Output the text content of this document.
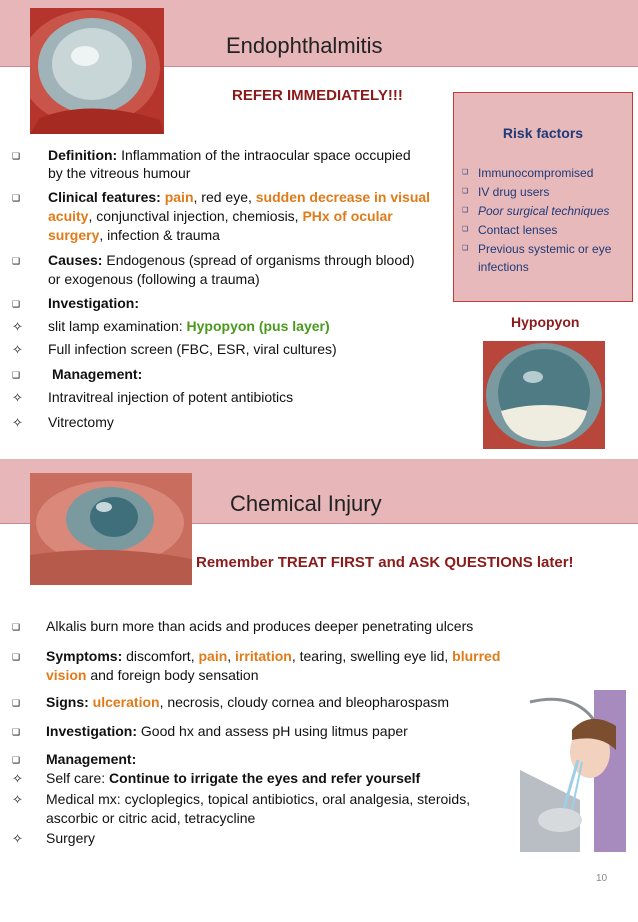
Endophthalmitis
REFER IMMEDIATELY!!!
Risk factors
❑ Immunocompromised
❑ IV drug users
❑ Poor surgical techniques
❑ Contact lenses
❑ Previous systemic or eye infections
Hypopyon
❑ Definition: Inflammation of the intraocular space occupied
by the vitreous humour
❑ Clinical features: pain, red eye, sudden decrease in visual
acuity, conjunctival injection, chemiosis, PHx of ocular
surgery, infection & trauma
❑ Causes: Endogenous (spread of organisms through blood)
or exogenous (following a trauma)
❑ Investigation:
✧ slit lamp examination: Hypopyon (pus layer)
✧ Full infection screen (FBC, ESR, viral cultures)
❑ Management:
✧ Intravitreal injection of potent antibiotics
✧ Vitrectomy
Chemical Injury
Remember TREAT FIRST and ASK QUESTIONS later!
❑ Alkalis burn more than acids and produces deeper penetrating ulcers
❑ Symptoms: discomfort, pain, irritation, tearing, swelling eye lid, blurred
vision and foreign body sensation
❑ Signs: ulceration, necrosis, cloudy cornea and bleopharospasm
❑ Investigation: Good hx and assess pH using litmus paper
❑ Management:
✧ Self care: Continue to irrigate the eyes and refer yourself
✧ Medical mx: cycloplegics, topical antibiotics, oral analgesia, steroids,
ascorbic or citric acid, tetracycline
✧ Surgery
10
